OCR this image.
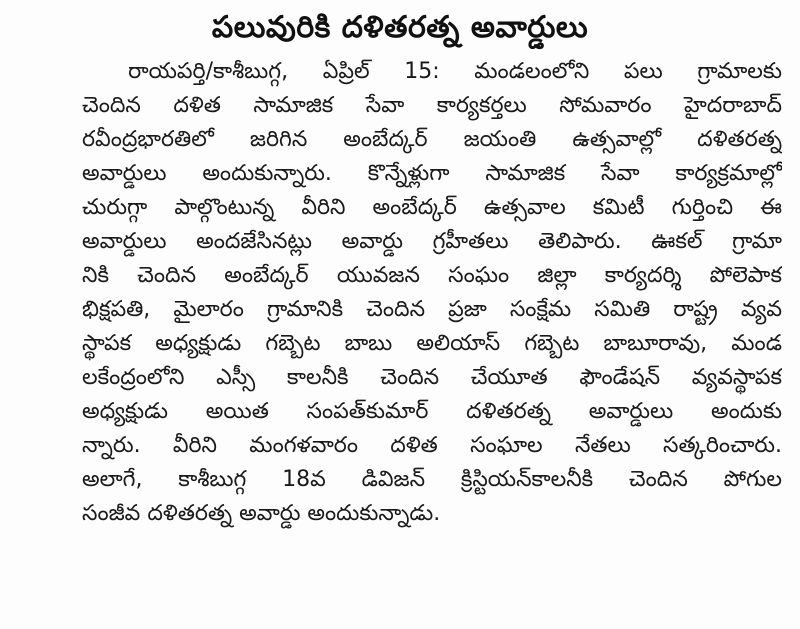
పలువురికి దళితరత్న అవార్డులు
రాయపర్తి/కాశీబుగ్గ, ఏప్రిల్ 15: మండలంలోని పలు గ్రామాలకు
చెందిన దళిత సామాజిక సేవా కార్యకర్తలు సోమవారం హైదరాబాద్
రవీంద్రభారతిలో జరిగిన అంబేద్కర్ జయంతి ఉత్సవాల్లో దళితరత్న
అవార్డులు అందుకున్నారు. కొన్నేళ్లుగా సామాజిక సేవా కార్యక్రమాల్లో
చురుగ్గా పాల్గొంటున్న వీరిని అంబేద్కర్ ఉత్సవాల కమిటీ గుర్తించి ఈ
అవార్డులు అందజేసినట్లు అవార్డు గ్రహీతలు తెలిపారు. ఊకల్ గ్రామా
నికి చెందిన అంబేద్కర్ యువజన సంఘం జిల్లా కార్యదర్శి పోలెపాక
భిక్షపతి, మైలారం గ్రామానికి చెందిన ప్రజా సంక్షేమ సమితి రాష్ట్ర వ్యవ
స్థాపక అధ్యక్షుడు గబ్బెట బాబు అలియాస్ గబ్బెట బాబూరావు, మండ
లకేంద్రంలోని ఎస్సీ కాలనీకి చెందిన చేయూత ఫౌండేషన్ వ్యవస్థాపక
అధ్యక్షుడు అయిత సంపత్‌కుమార్ దళితరత్న అవార్డులు అందుకు
న్నారు. వీరిని మంగళవారం దళిత సంఘాల నేతలు సత్కరించారు.
అలాగే, కాశీబుగ్గ 18వ డివిజన్ క్రిస్టియన్‌కాలనీకి చెందిన పోగుల
సంజీవ దళితరత్న అవార్డు అందుకున్నాడు.
